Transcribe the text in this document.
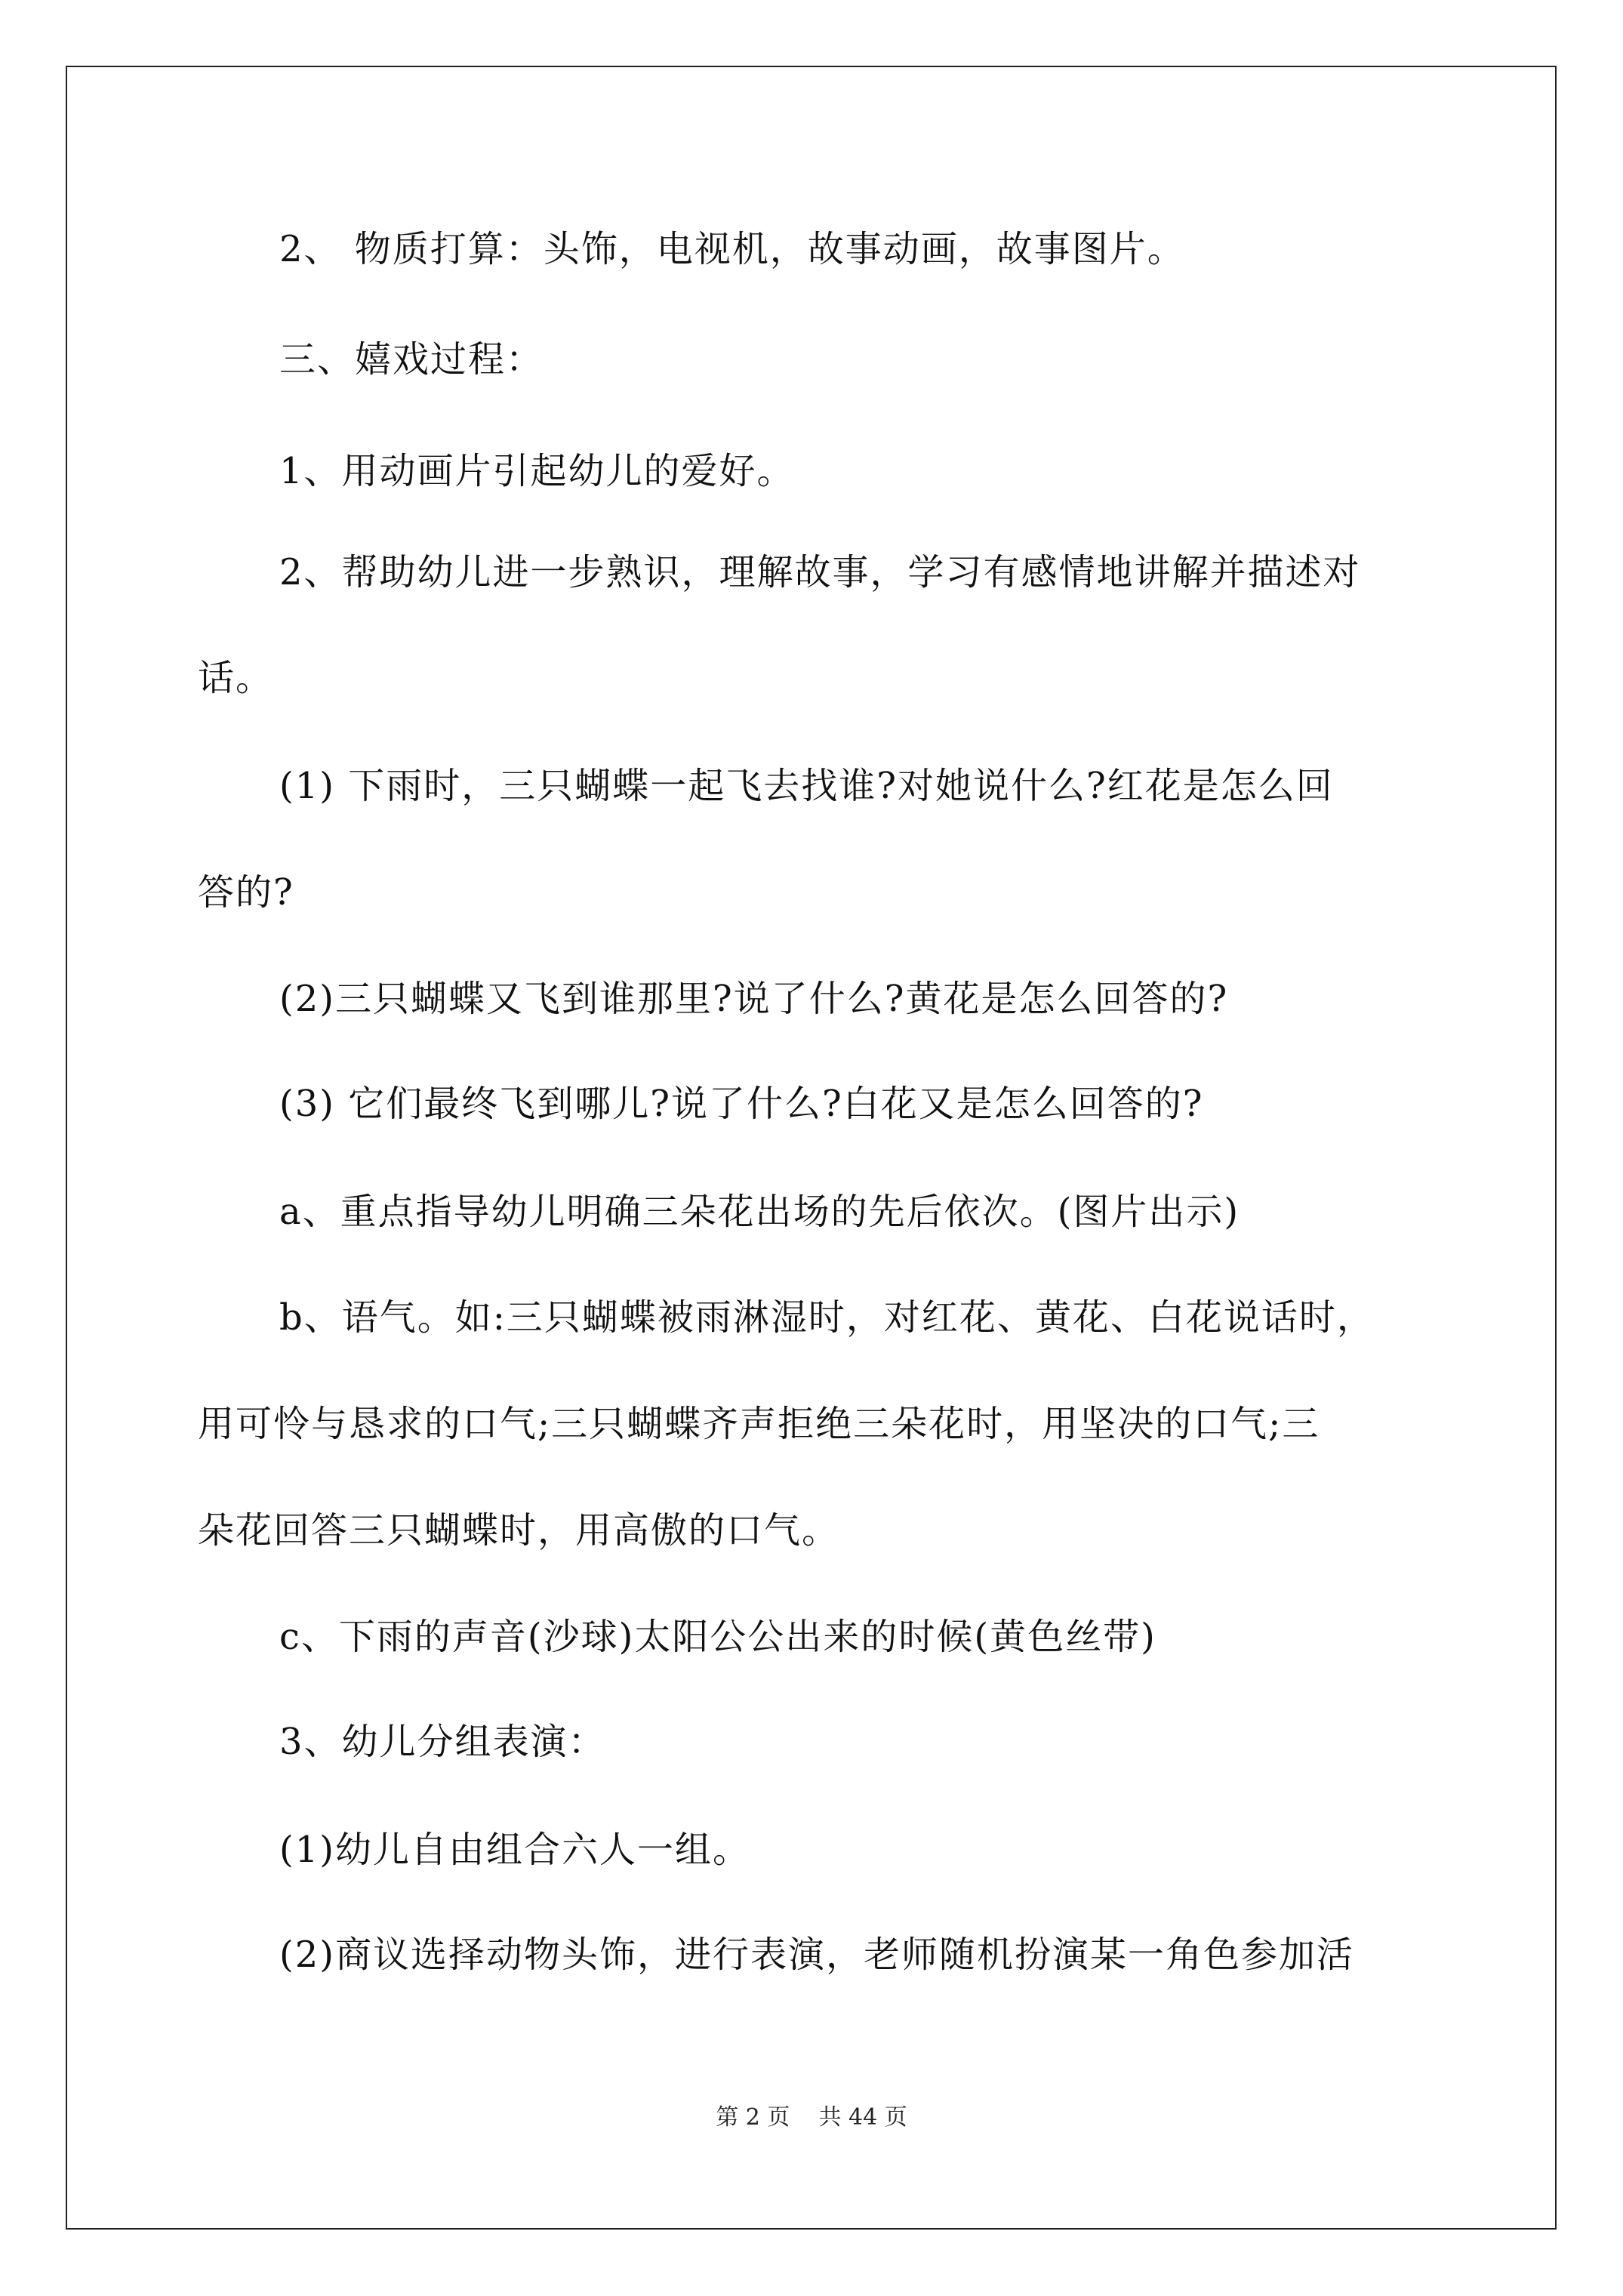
2、 物质打算：头饰，电视机，故事动画，故事图片。

三、嬉戏过程：

1、用动画片引起幼儿的爱好。

2、帮助幼儿进一步熟识，理解故事，学习有感情地讲解并描述对

话。

(1) 下雨时，三只蝴蝶一起飞去找谁?对她说什么?红花是怎么回

答的?

(2)三只蝴蝶又飞到谁那里?说了什么?黄花是怎么回答的?

(3) 它们最终飞到哪儿?说了什么?白花又是怎么回答的?

a、重点指导幼儿明确三朵花出场的先后依次。(图片出示)

b、语气。如:三只蝴蝶被雨淋湿时，对红花、黄花、白花说话时，

用可怜与恳求的口气;三只蝴蝶齐声拒绝三朵花时，用坚决的口气;三

朵花回答三只蝴蝶时，用高傲的口气。

c、下雨的声音(沙球)太阳公公出来的时候(黄色丝带)

3、幼儿分组表演：

(1)幼儿自由组合六人一组。

(2)商议选择动物头饰，进行表演，老师随机扮演某一角色参加活

第 2 页    共 44 页
